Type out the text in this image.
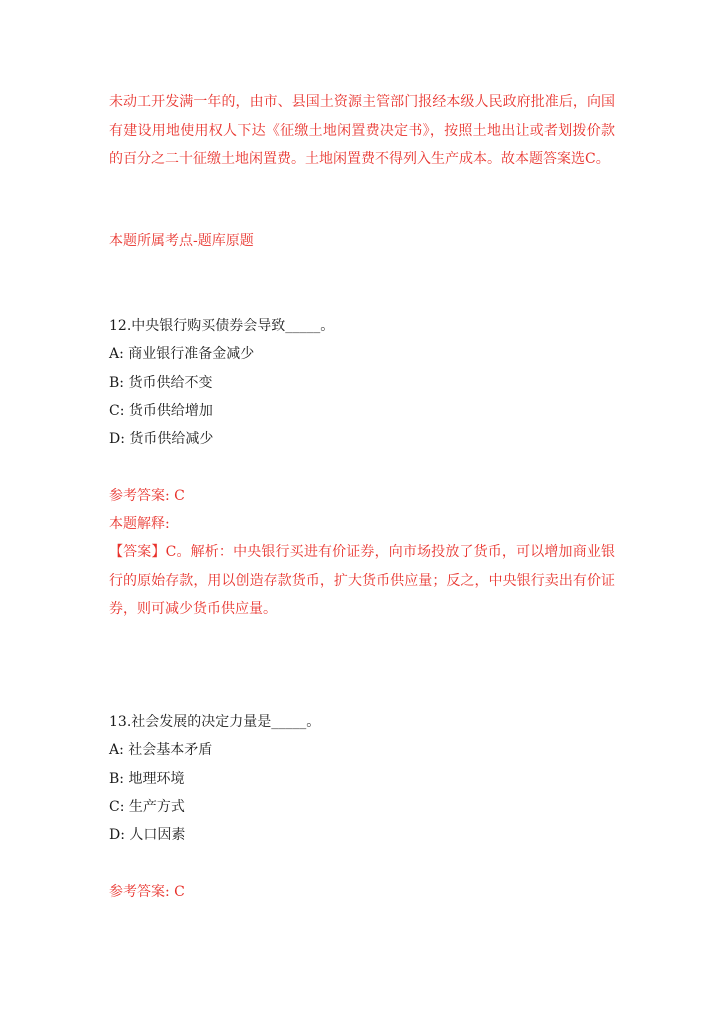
未动工开发满一年的，由市、县国土资源主管部门报经本级人民政府批准后，向国有建设用地使用权人下达《征缴土地闲置费决定书》，按照土地出让或者划拨价款的百分之二十征缴土地闲置费。土地闲置费不得列入生产成本。故本题答案选C。

本题所属考点-题库原题
12.中央银行购买债券会导致_____。
A: 商业银行准备金减少
B: 货币供给不变
C: 货币供给增加
D: 货币供给减少
参考答案: C
本题解释:

【答案】C。解析：中央银行买进有价证券，向市场投放了货币，可以增加商业银行的原始存款，用以创造存款货币，扩大货币供应量；反之，中央银行卖出有价证券，则可减少货币供应量。

13.社会发展的决定力量是_____。
A: 社会基本矛盾
B: 地理环境
C: 生产方式
D: 人口因素
参考答案: C
